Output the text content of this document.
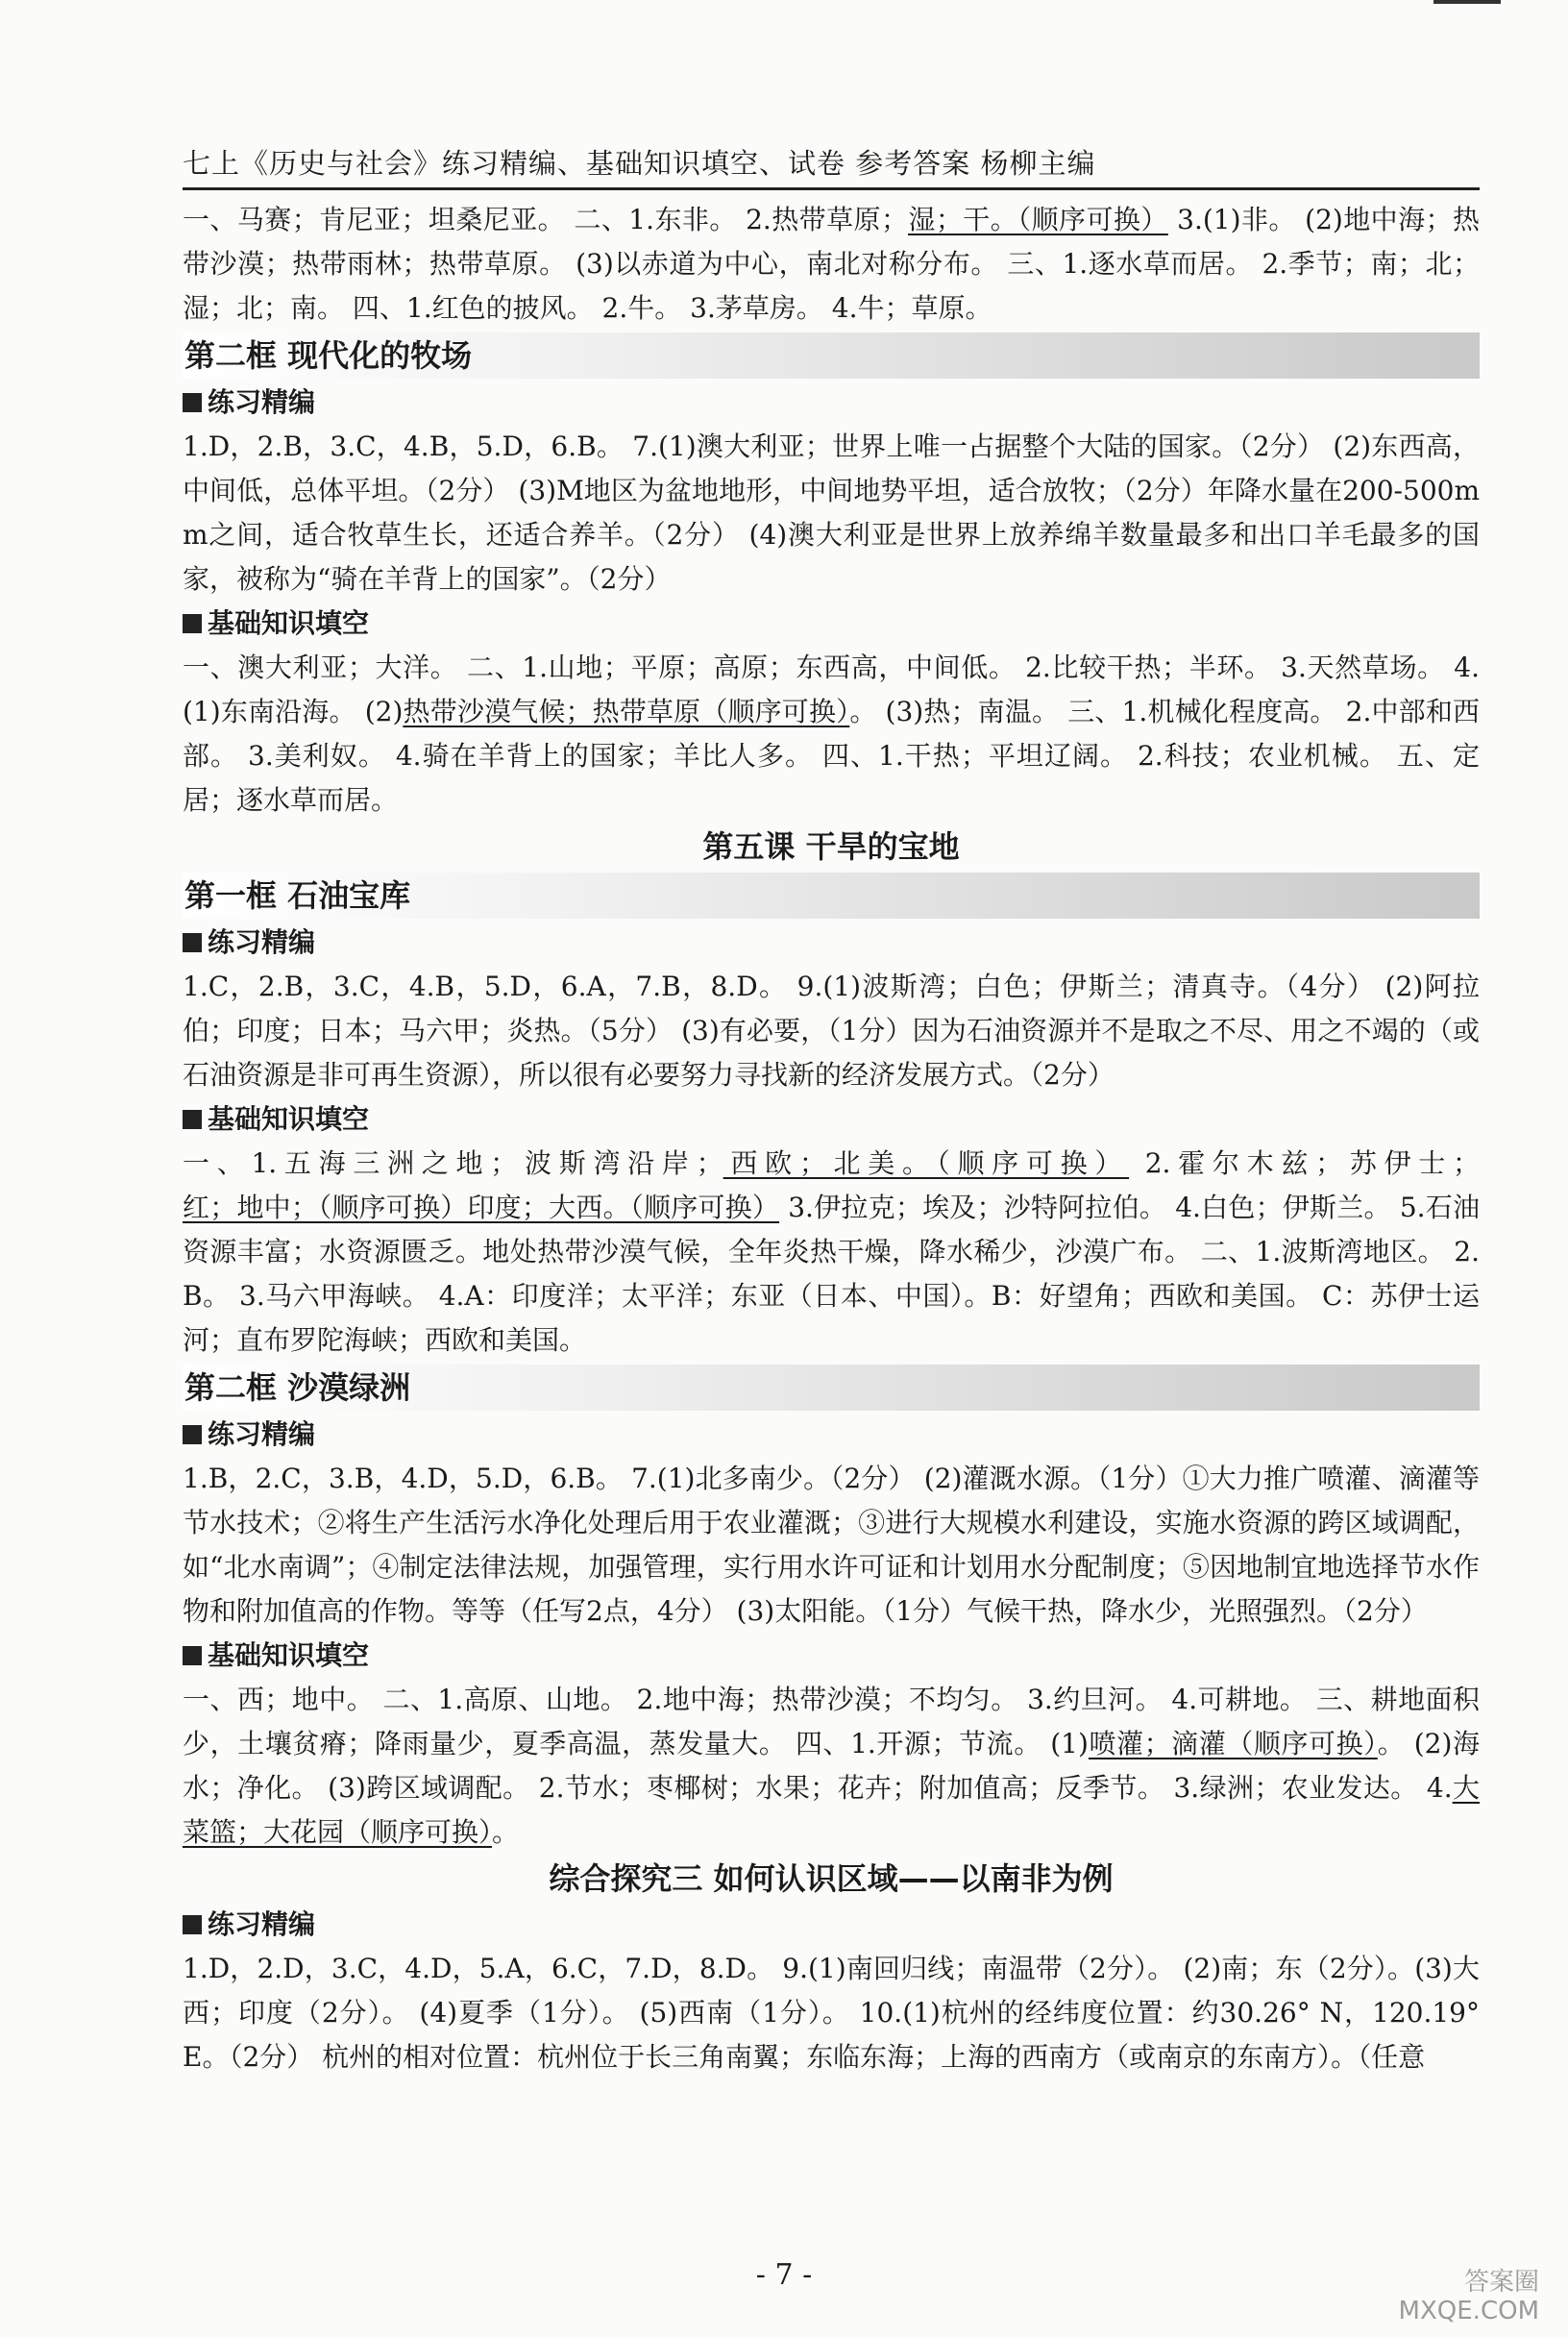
七上《历史与社会》练习精编、基础知识填空、试卷 参考答案 杨柳主编

一、马赛；肯尼亚；坦桑尼亚。 二、1.东非。 2.热带草原；湿；干。（顺序可换） 3.(1)非。 (2)地中海；热带沙漠；热带雨林；热带草原。 (3)以赤道为中心，南北对称分布。 三、1.逐水草而居。 2.季节；南；北；湿；北；南。 四、1.红色的披风。 2.牛。 3.茅草房。 4.牛；草原。

第二框 现代化的牧场
练习精编

1.D，2.B，3.C，4.B，5.D，6.B。 7.(1)澳大利亚；世界上唯一占据整个大陆的国家。（2分） (2)东西高，中间低，总体平坦。（2分） (3)M地区为盆地地形，中间地势平坦，适合放牧；（2分）年降水量在200-500mm之间，适合牧草生长，还适合养羊。（2分） (4)澳大利亚是世界上放养绵羊数量最多和出口羊毛最多的国家，被称为“骑在羊背上的国家”。（2分）

基础知识填空

一、澳大利亚；大洋。 二、1.山地；平原；高原；东西高，中间低。 2.比较干热；半环。 3.天然草场。 4.(1)东南沿海。 (2)热带沙漠气候；热带草原（顺序可换）。 (3)热；南温。 三、1.机械化程度高。 2.中部和西部。 3.美利奴。 4.骑在羊背上的国家；羊比人多。 四、1.干热；平坦辽阔。 2.科技；农业机械。 五、定居；逐水草而居。

第五课 干旱的宝地
第一框 石油宝库
练习精编

1.C，2.B，3.C，4.B，5.D，6.A，7.B，8.D。 9.(1)波斯湾；白色；伊斯兰；清真寺。（4分） (2)阿拉伯；印度；日本；马六甲；炎热。（5分） (3)有必要，（1分）因为石油资源并不是取之不尽、用之不竭的（或石油资源是非可再生资源），所以很有必要努力寻找新的经济发展方式。（2分）

基础知识填空

一、1.五海三洲之地；波斯湾沿岸；西欧；北美。（顺序可换） 2.霍尔木兹；苏伊士；红；地中；（顺序可换）印度；大西。（顺序可换） 3.伊拉克；埃及；沙特阿拉伯。 4.白色；伊斯兰。 5.石油资源丰富；水资源匮乏。地处热带沙漠气候，全年炎热干燥，降水稀少，沙漠广布。 二、1.波斯湾地区。 2.B。 3.马六甲海峡。 4.A：印度洋；太平洋；东亚（日本、中国）。B：好望角；西欧和美国。 C：苏伊士运河；直布罗陀海峡；西欧和美国。

第二框 沙漠绿洲
练习精编

1.B，2.C，3.B，4.D，5.D，6.B。 7.(1)北多南少。（2分） (2)灌溉水源。（1分）①大力推广喷灌、滴灌等节水技术；②将生产生活污水净化处理后用于农业灌溉；③进行大规模水利建设，实施水资源的跨区域调配，如“北水南调”；④制定法律法规，加强管理，实行用水许可证和计划用水分配制度；⑤因地制宜地选择节水作物和附加值高的作物。等等（任写2点，4分） (3)太阳能。（1分）气候干热，降水少，光照强烈。（2分）

基础知识填空

一、西；地中。 二、1.高原、山地。 2.地中海；热带沙漠；不均匀。 3.约旦河。 4.可耕地。 三、耕地面积少，土壤贫瘠；降雨量少，夏季高温，蒸发量大。 四、1.开源；节流。 (1)喷灌；滴灌（顺序可换）。 (2)海水；净化。 (3)跨区域调配。 2.节水；枣椰树；水果；花卉；附加值高；反季节。 3.绿洲；农业发达。 4.大菜篮；大花园（顺序可换）。

综合探究三 如何认识区域——以南非为例
练习精编

1.D，2.D，3.C，4.D，5.A，6.C，7.D，8.D。 9.(1)南回归线；南温带（2分）。 (2)南；东（2分）。(3)大西；印度（2分）。 (4)夏季（1分）。 (5)西南（1分）。 10.(1)杭州的经纬度位置：约30.26° N，120.19° E。（2分） 杭州的相对位置：杭州位于长三角南翼；东临东海；上海的西南方（或南京的东南方）。（任意

- 7 -	答案圈
MXQE.COM
